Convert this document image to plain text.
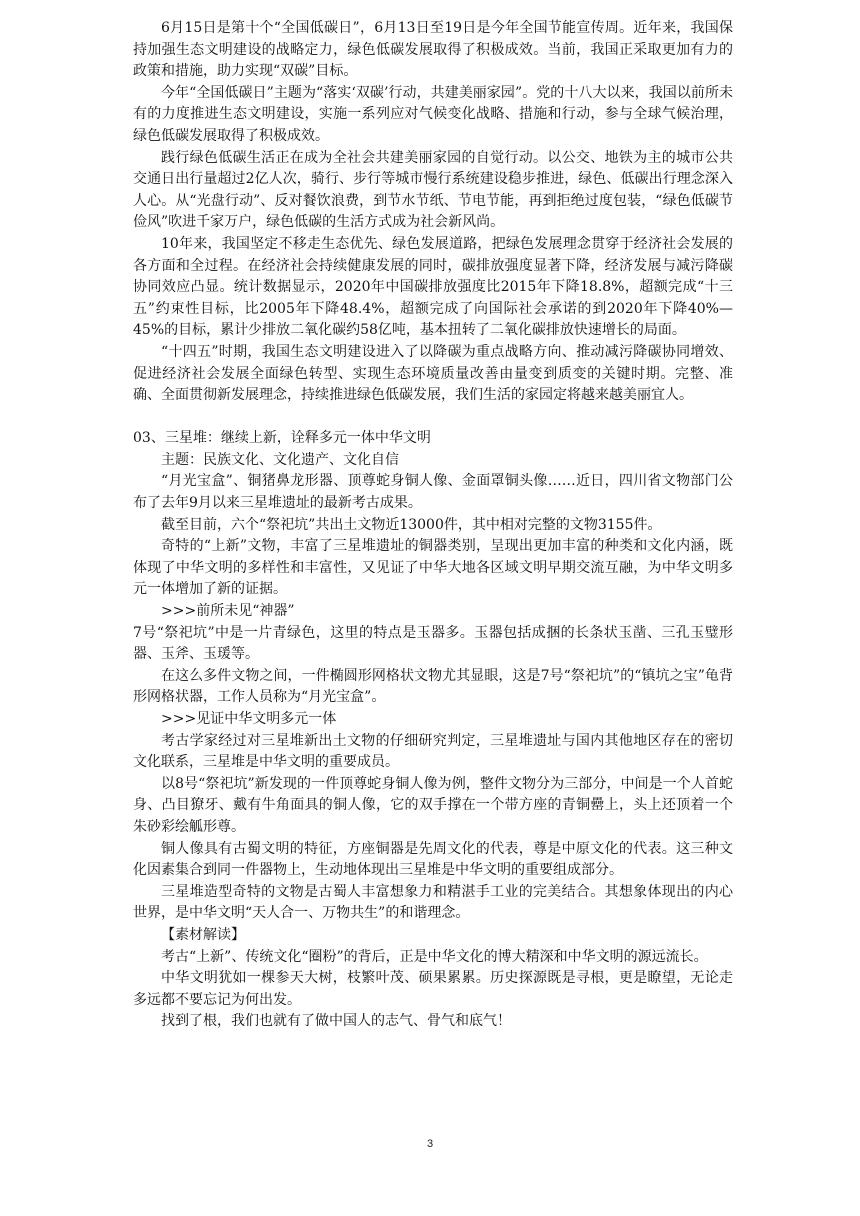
6月15日是第十个“全国低碳日”，6月13日至19日是今年全国节能宣传周。近年来，我国保持加强生态文明建设的战略定力，绿色低碳发展取得了积极成效。当前，我国正采取更加有力的政策和措施，助力实现“双碳”目标。

今年“全国低碳日”主题为“落实‘双碳’行动，共建美丽家园”。党的十八大以来，我国以前所未有的力度推进生态文明建设，实施一系列应对气候变化战略、措施和行动，参与全球气候治理，绿色低碳发展取得了积极成效。

践行绿色低碳生活正在成为全社会共建美丽家园的自觉行动。以公交、地铁为主的城市公共交通日出行量超过2亿人次，骑行、步行等城市慢行系统建设稳步推进，绿色、低碳出行理念深入人心。从“光盘行动”、反对餐饮浪费，到节水节纸、节电节能，再到拒绝过度包装，“绿色低碳节俭风”吹进千家万户，绿色低碳的生活方式成为社会新风尚。

10年来，我国坚定不移走生态优先、绿色发展道路，把绿色发展理念贯穿于经济社会发展的各方面和全过程。在经济社会持续健康发展的同时，碳排放强度显著下降，经济发展与减污降碳协同效应凸显。统计数据显示，2020年中国碳排放强度比2015年下降18.8%，超额完成“十三五”约束性目标，比2005年下降48.4%，超额完成了向国际社会承诺的到2020年下降40%—45%的目标，累计少排放二氧化碳约58亿吨，基本扭转了二氧化碳排放快速增长的局面。

“十四五”时期，我国生态文明建设进入了以降碳为重点战略方向、推动减污降碳协同增效、促进经济社会发展全面绿色转型、实现生态环境质量改善由量变到质变的关键时期。完整、准确、全面贯彻新发展理念，持续推进绿色低碳发展，我们生活的家园定将越来越美丽宜人。

03、三星堆：继续上新，诠释多元一体中华文明

主题：民族文化、文化遗产、文化自信

“月光宝盒”、铜猪鼻龙形器、顶尊蛇身铜人像、金面罩铜头像……近日，四川省文物部门公布了去年9月以来三星堆遗址的最新考古成果。

截至目前，六个“祭祀坑”共出土文物近13000件，其中相对完整的文物3155件。

奇特的“上新”文物，丰富了三星堆遗址的铜器类别，呈现出更加丰富的种类和文化内涵，既体现了中华文明的多样性和丰富性，又见证了中华大地各区域文明早期交流互融，为中华文明多元一体增加了新的证据。

>>>前所未见“神器”

7号“祭祀坑”中是一片青绿色，这里的特点是玉器多。玉器包括成捆的长条状玉凿、三孔玉璧形器、玉斧、玉瑗等。

在这么多件文物之间，一件椭圆形网格状文物尤其显眼，这是7号“祭祀坑”的“镇坑之宝”龟背形网格状器，工作人员称为“月光宝盒”。

>>>见证中华文明多元一体

考古学家经过对三星堆新出土文物的仔细研究判定，三星堆遗址与国内其他地区存在的密切文化联系，三星堆是中华文明的重要成员。

以8号“祭祀坑”新发现的一件顶尊蛇身铜人像为例，整件文物分为三部分，中间是一个人首蛇身、凸目獠牙、戴有牛角面具的铜人像，它的双手撑在一个带方座的青铜罍上，头上还顶着一个朱砂彩绘觚形尊。

铜人像具有古蜀文明的特征，方座铜器是先周文化的代表，尊是中原文化的代表。这三种文化因素集合到同一件器物上，生动地体现出三星堆是中华文明的重要组成部分。

三星堆造型奇特的文物是古蜀人丰富想象力和精湛手工业的完美结合。其想象体现出的内心世界，是中华文明“天人合一、万物共生”的和谐理念。

【素材解读】

考古“上新”、传统文化“圈粉”的背后，正是中华文化的博大精深和中华文明的源远流长。

中华文明犹如一棵参天大树，枝繁叶茂、硕果累累。历史探源既是寻根，更是瞭望，无论走多远都不要忘记为何出发。

找到了根，我们也就有了做中国人的志气、骨气和底气！

3
